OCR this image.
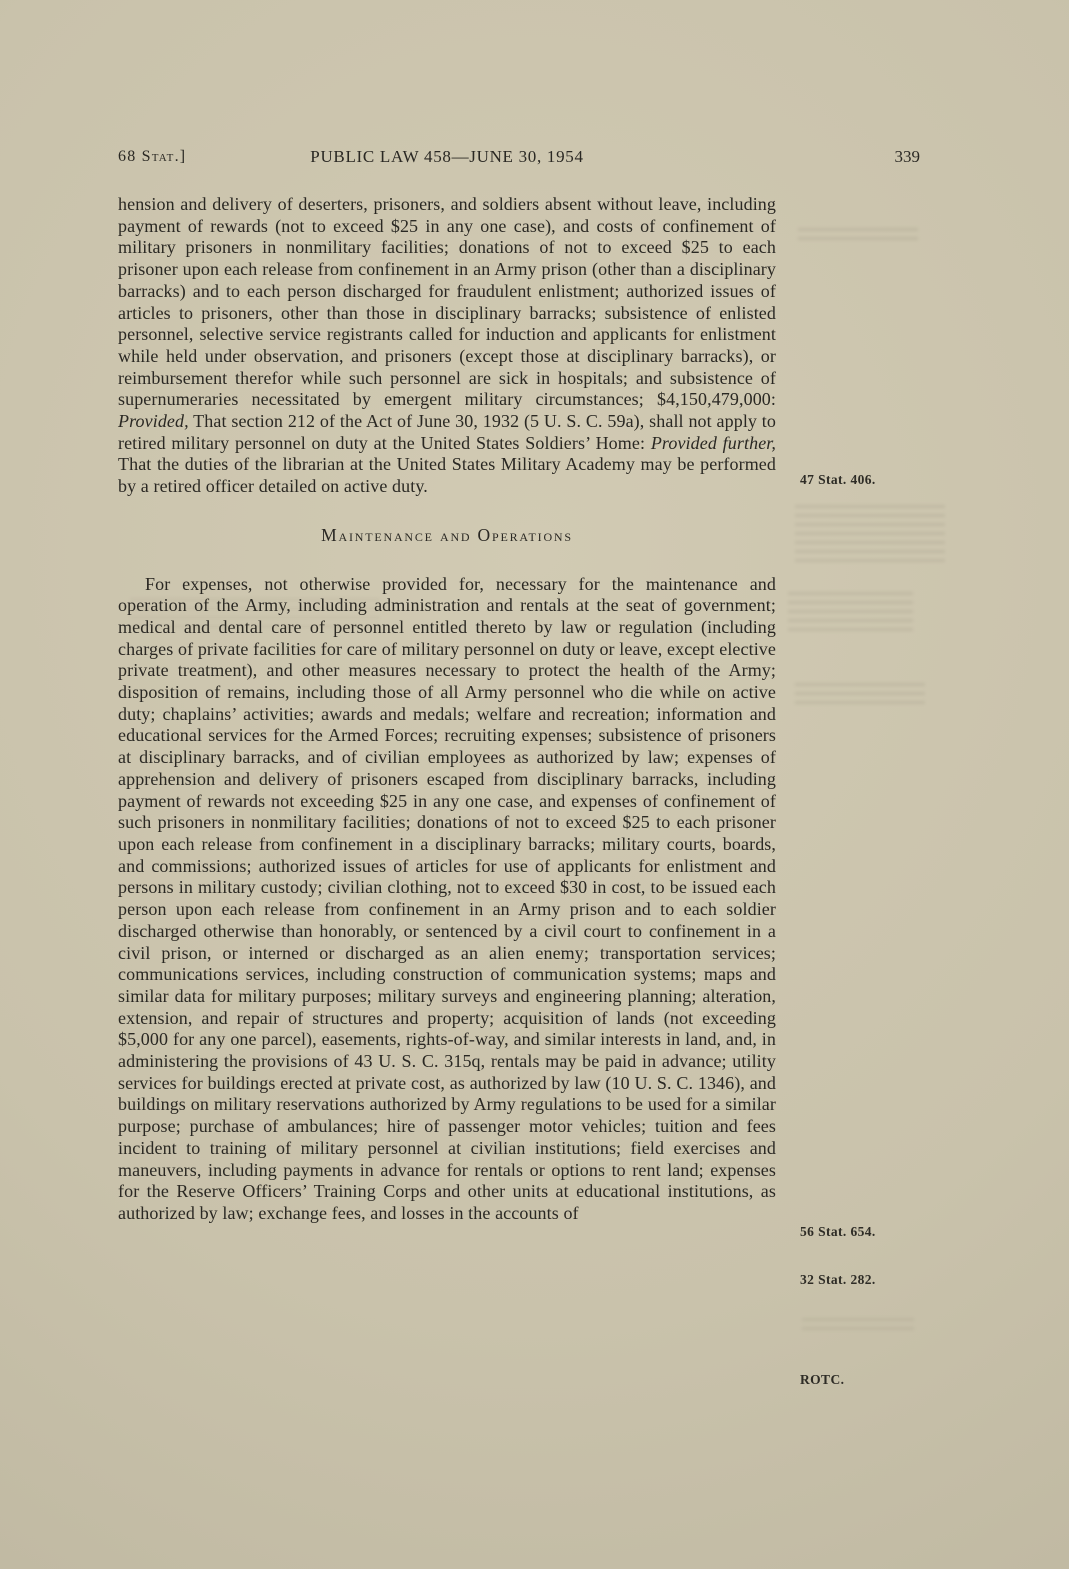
68 Stat.]	PUBLIC LAW 458—JUNE 30, 1954	339

hension and delivery of deserters, prisoners, and soldiers absent without leave, including payment of rewards (not to exceed $25 in any one case), and costs of confinement of military prisoners in nonmilitary facilities; donations of not to exceed $25 to each prisoner upon each release from confinement in an Army prison (other than a disciplinary barracks) and to each person discharged for fraudulent enlistment; authorized issues of articles to prisoners, other than those in disciplinary barracks; subsistence of enlisted personnel, selective service registrants called for induction and applicants for enlistment while held under observation, and prisoners (except those at disciplinary barracks), or reimbursement therefor while such personnel are sick in hospitals; and subsistence of supernumeraries necessitated by emergent military circumstances; $4,150,479,000: Provided, That section 212 of the Act of June 30, 1932 (5 U. S. C. 59a), shall not apply to retired military personnel on duty at the United States Soldiers’ Home: Provided further, That the duties of the librarian at the United States Military Academy may be performed by a retired officer detailed on active duty.

Maintenance and Operations

For expenses, not otherwise provided for, necessary for the maintenance and operation of the Army, including administration and rentals at the seat of government; medical and dental care of personnel entitled thereto by law or regulation (including charges of private facilities for care of military personnel on duty or leave, except elective private treatment), and other measures necessary to protect the health of the Army; disposition of remains, including those of all Army personnel who die while on active duty; chaplains’ activities; awards and medals; welfare and recreation; information and educational services for the Armed Forces; recruiting expenses; subsistence of prisoners at disciplinary barracks, and of civilian employees as authorized by law; expenses of apprehension and delivery of prisoners escaped from disciplinary barracks, including payment of rewards not exceeding $25 in any one case, and expenses of confinement of such prisoners in nonmilitary facilities; donations of not to exceed $25 to each prisoner upon each release from confinement in a disciplinary barracks; military courts, boards, and commissions; authorized issues of articles for use of applicants for enlistment and persons in military custody; civilian clothing, not to exceed $30 in cost, to be issued each person upon each release from confinement in an Army prison and to each soldier discharged otherwise than honorably, or sentenced by a civil court to confinement in a civil prison, or interned or discharged as an alien enemy; transportation services; communications services, including construction of communication systems; maps and similar data for military purposes; military surveys and engineering planning; alteration, extension, and repair of structures and property; acquisition of lands (not exceeding $5,000 for any one parcel), easements, rights-of-way, and similar interests in land, and, in administering the provisions of 43 U. S. C. 315q, rentals may be paid in advance; utility services for buildings erected at private cost, as authorized by law (10 U. S. C. 1346), and buildings on military reservations authorized by Army regulations to be used for a similar purpose; purchase of ambulances; hire of passenger motor vehicles; tuition and fees incident to training of military personnel at civilian institutions; field exercises and maneuvers, including payments in advance for rentals or options to rent land; expenses for the Reserve Officers’ Training Corps and other units at educational institutions, as authorized by law; exchange fees, and losses in the accounts of

47 Stat. 406.
56 Stat. 654.
32 Stat. 282.
ROTC.
